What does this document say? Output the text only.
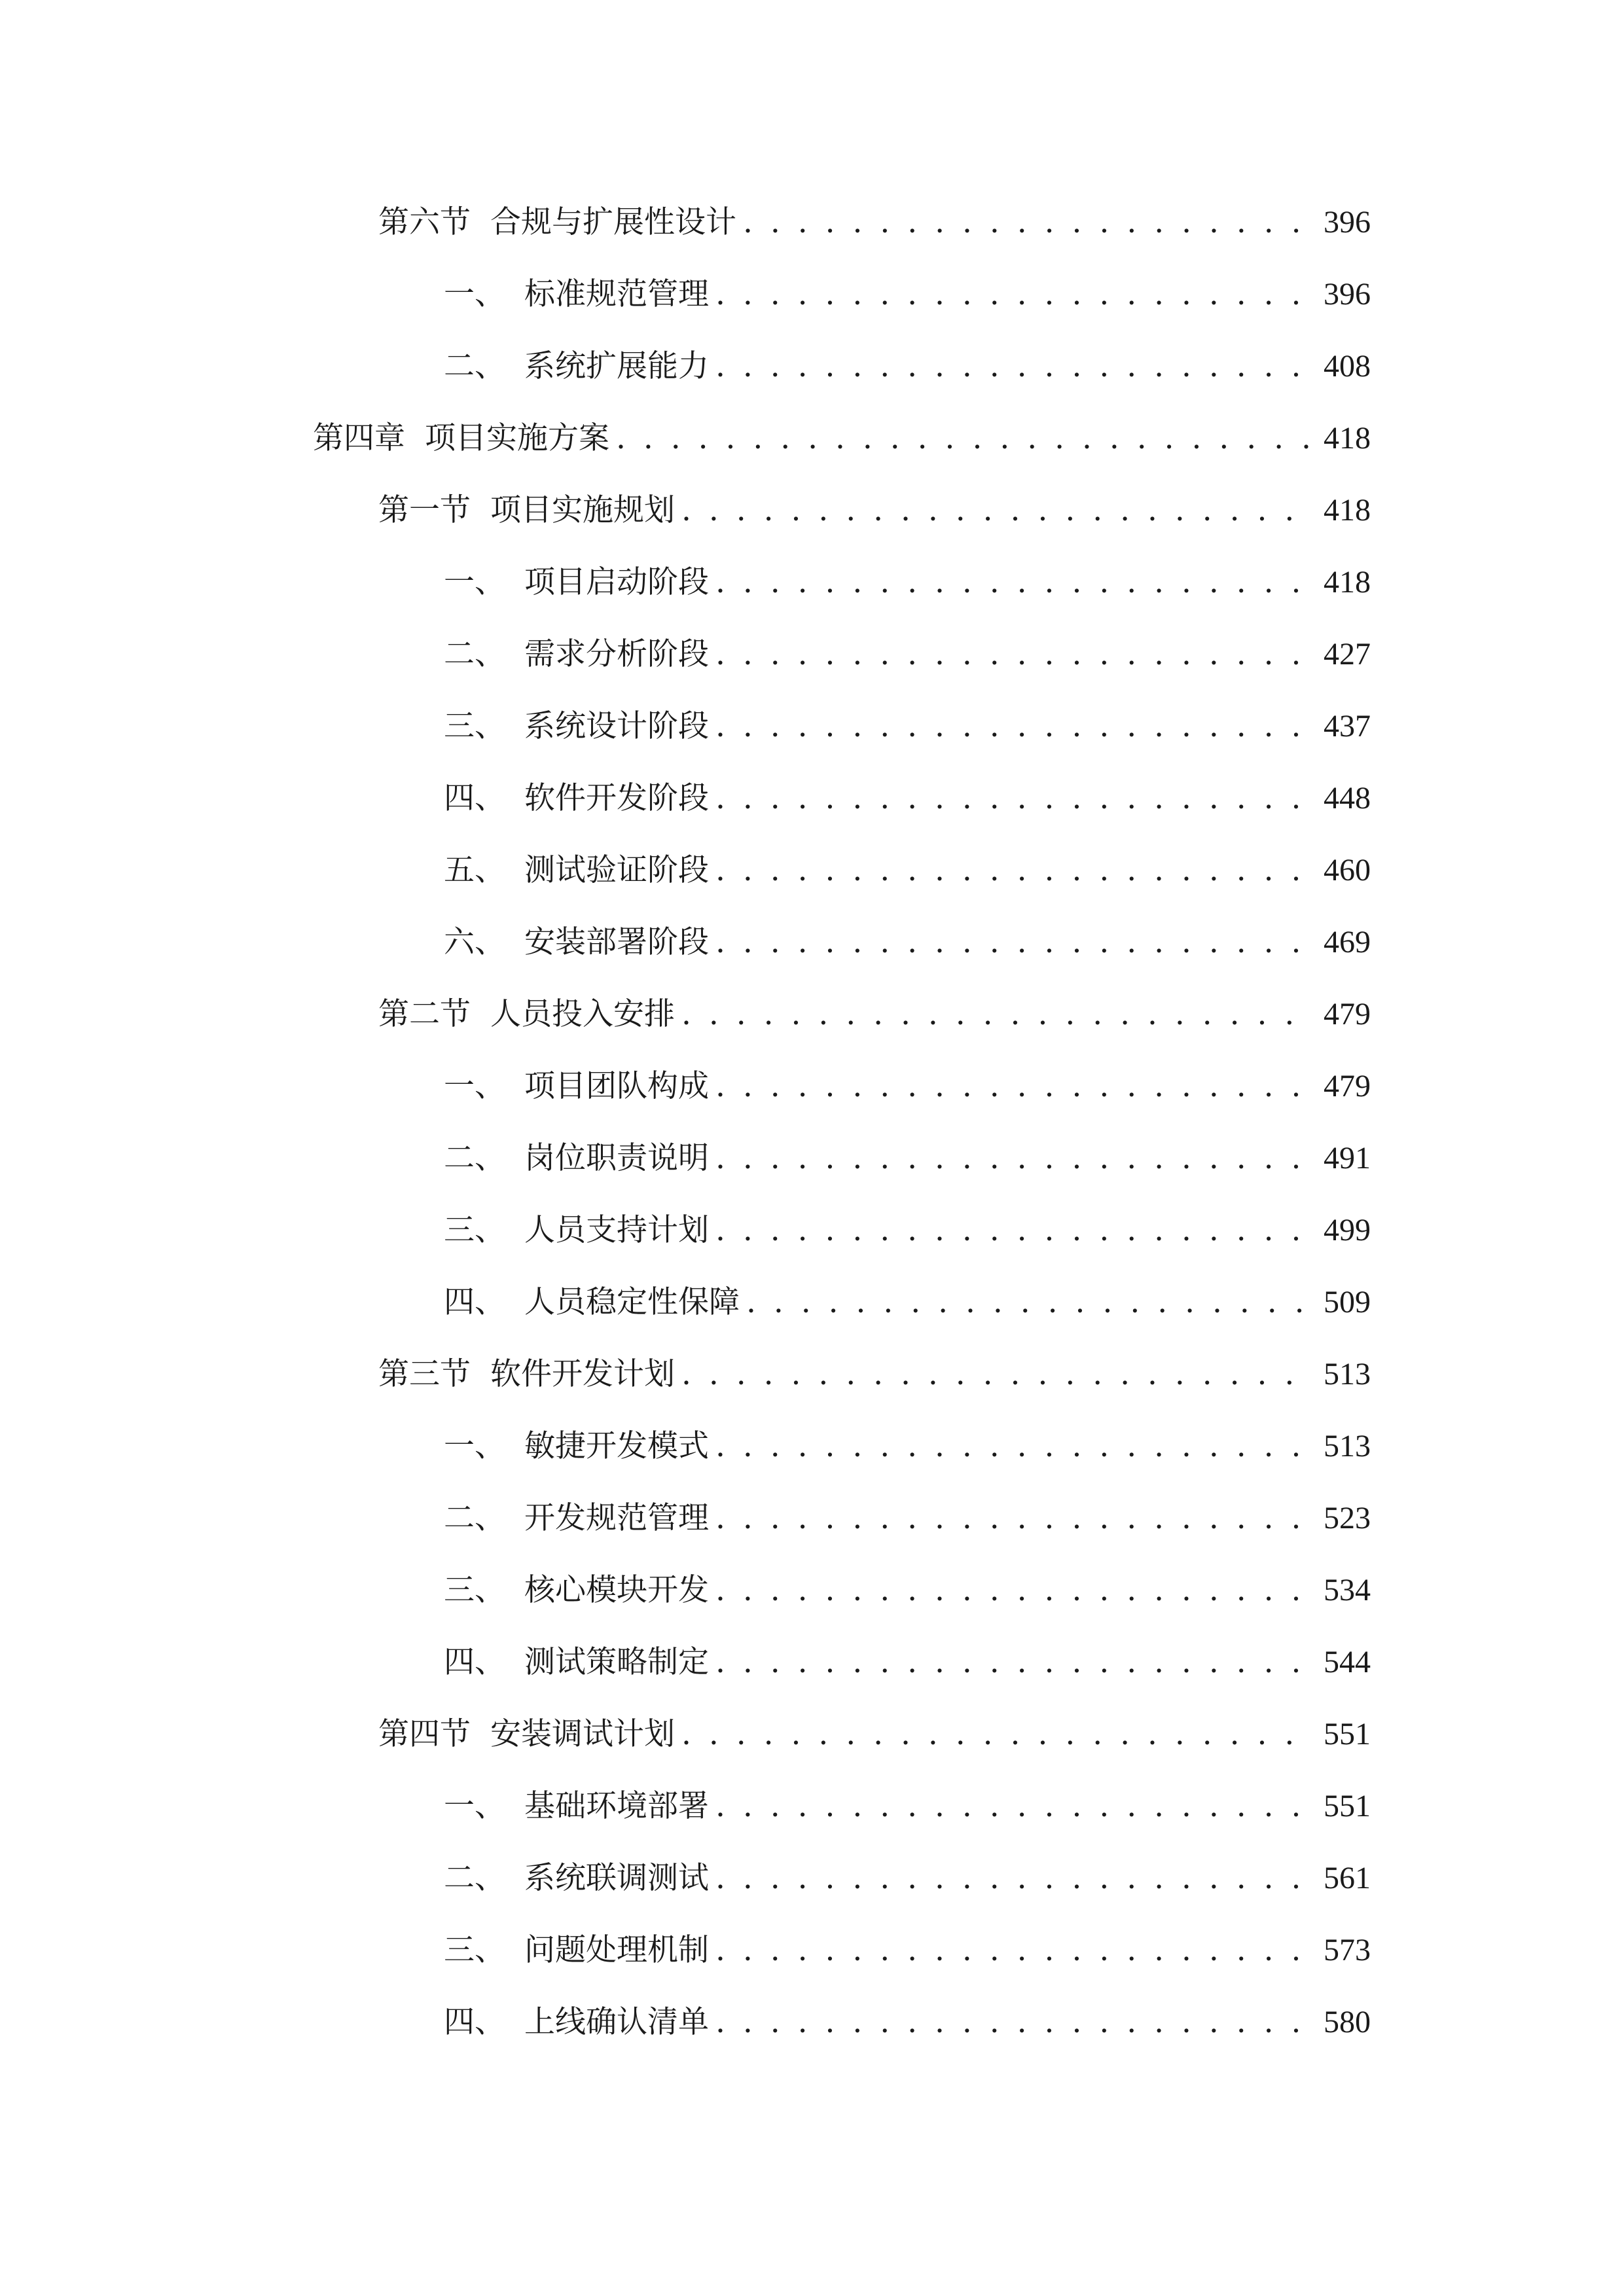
第六节 合规与扩展性设计 . . .	396
一、 标准规范管理 . . .	396
二、 系统扩展能力 . . .	408
第四章 项目实施方案 . . .	418
第一节 项目实施规划 . . .	418
一、 项目启动阶段 . . .	418
二、 需求分析阶段 . . .	427
三、 系统设计阶段 . . .	437
四、 软件开发阶段 . . .	448
五、 测试验证阶段 . . .	460
六、 安装部署阶段 . . .	469
第二节 人员投入安排 . . .	479
一、 项目团队构成 . . .	479
二、 岗位职责说明 . . .	491
三、 人员支持计划 . . .	499
四、 人员稳定性保障 . . .	509
第三节 软件开发计划 . . .	513
一、 敏捷开发模式 . . .	513
二、 开发规范管理 . . .	523
三、 核心模块开发 . . .	534
四、 测试策略制定 . . .	544
第四节 安装调试计划 . . .	551
一、 基础环境部署 . . .	551
二、 系统联调测试 . . .	561
三、 问题处理机制 . . .	573
四、 上线确认清单 . . .	580
